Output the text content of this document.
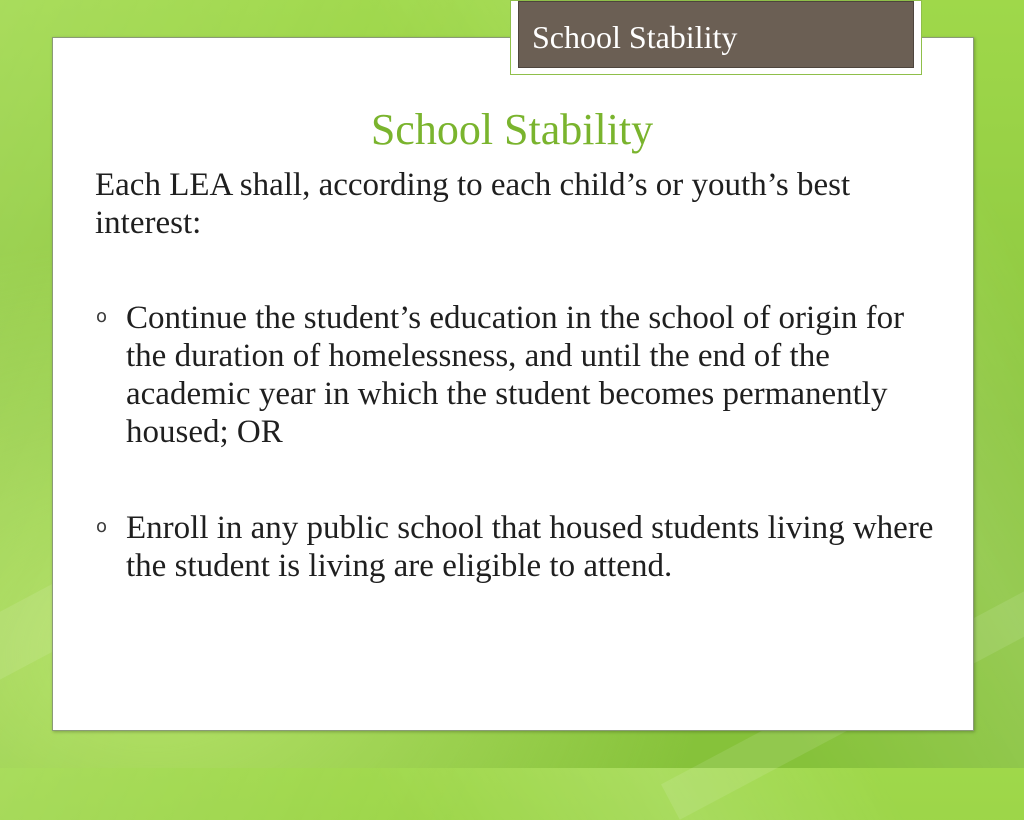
School Stability
School Stability

Each LEA shall, according to each child’s or youth’s best interest:

o Continue the student’s education in the school of origin for the duration of homelessness, and until the end of the academic year in which the student becomes permanently housed; OR
o Enroll in any public school that housed students living where the student is living are eligible to attend.
